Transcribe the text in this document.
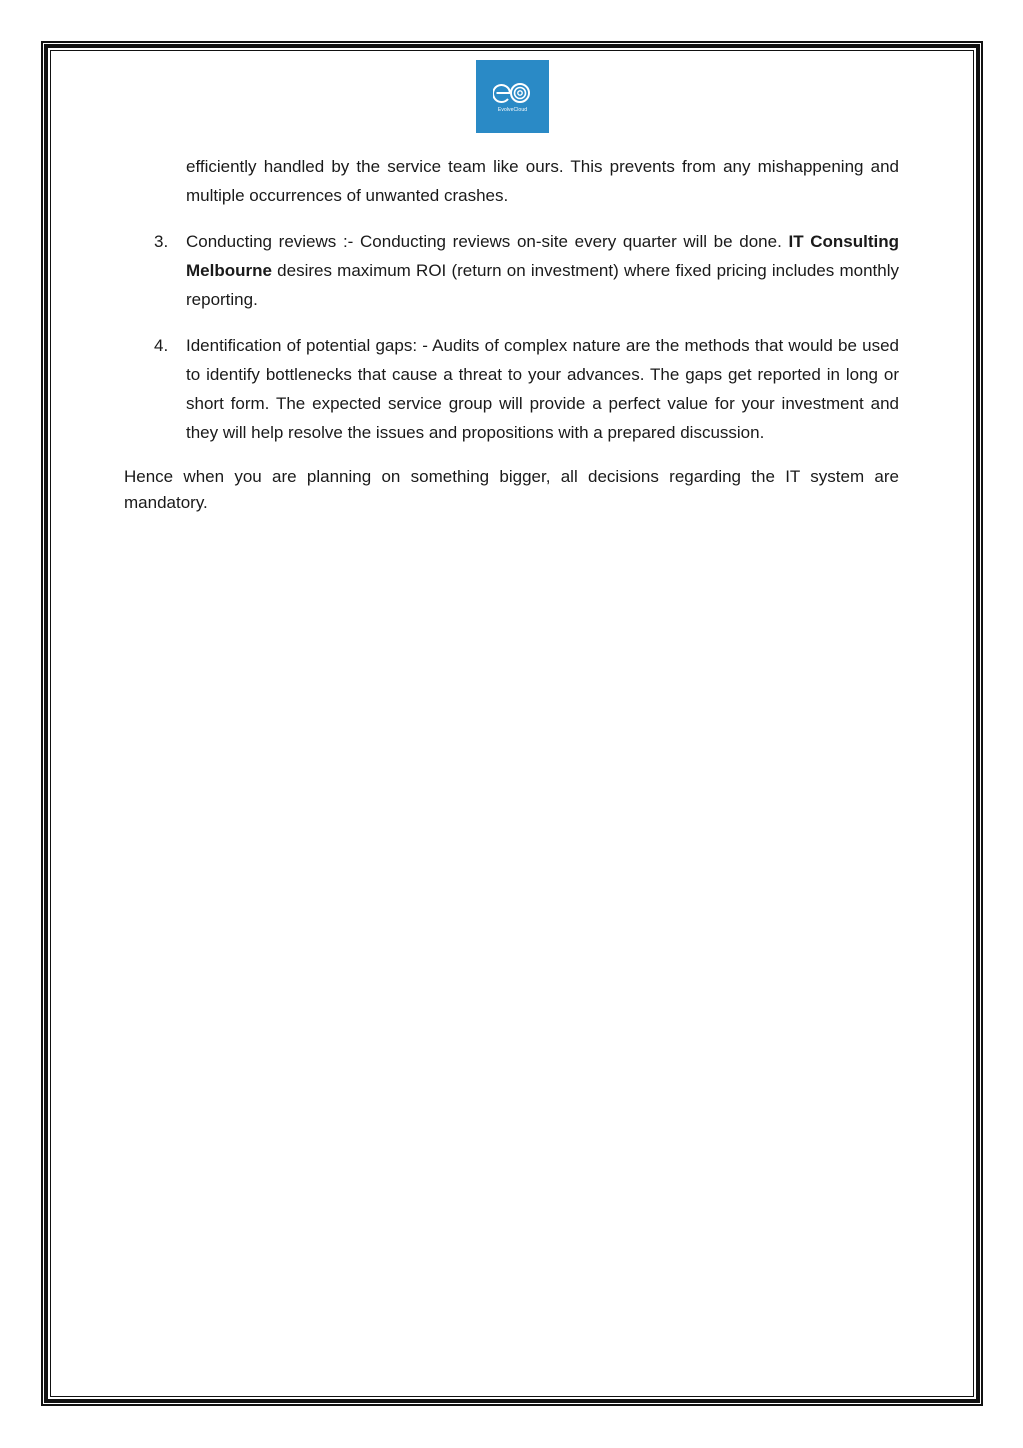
EvolveCloud

efficiently handled by the service team like ours. This prevents from any mishappening and multiple occurrences of unwanted crashes.

3. Conducting reviews :- Conducting reviews on-site every quarter will be done. IT Consulting Melbourne desires maximum ROI (return on investment) where fixed pricing includes monthly reporting.
4. Identification of potential gaps: - Audits of complex nature are the methods that would be used to identify bottlenecks that cause a threat to your advances. The gaps get reported in long or short form. The expected service group will provide a perfect value for your investment and they will help resolve the issues and propositions with a prepared discussion.

Hence when you are planning on something bigger, all decisions regarding the IT system are mandatory.
